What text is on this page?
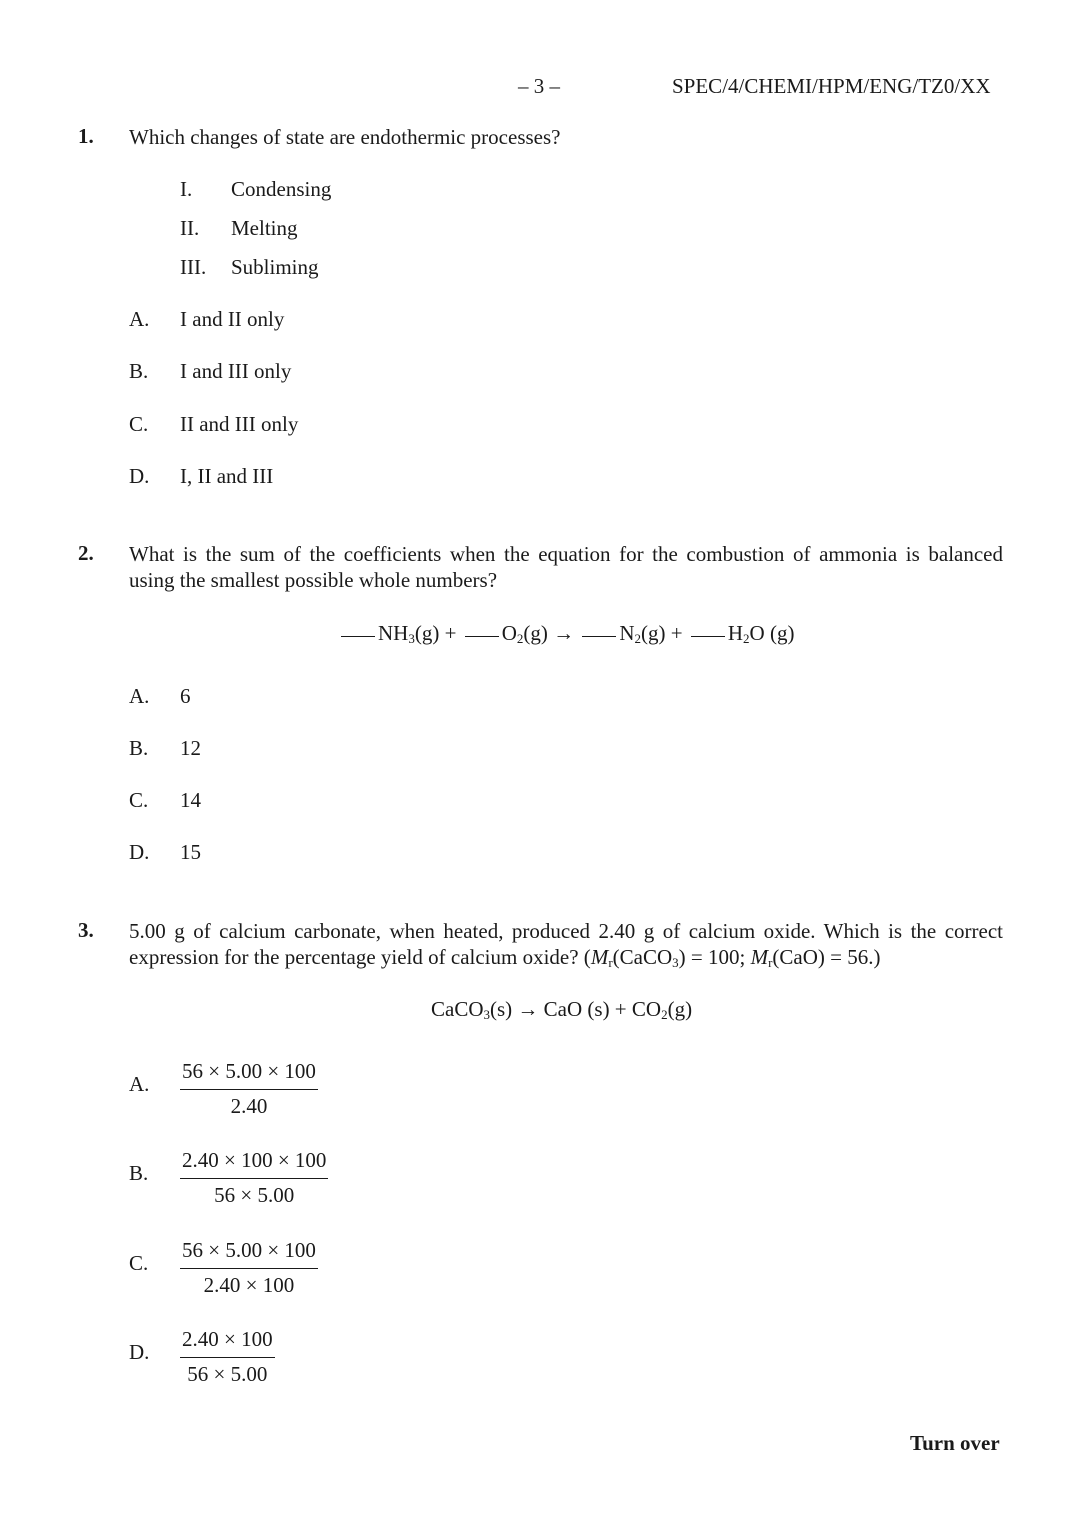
– 3 –	SPEC/4/CHEMI/HPM/ENG/TZ0/XX
1. Which changes of state are endothermic processes?
I. Condensing
II. Melting
III. Subliming
A. I and II only
B. I and III only
C. II and III only
D. I, II and III
2. What is the sum of the coefficients when the equation for the combustion of ammonia is balanced
using the smallest possible whole numbers?
$NH_3(g) + O_2(g) \to N_2(g) + H_2O$ (g)
A. 6
B. 12
C. 14
D. 15
3. 5.00 g of calcium carbonate, when heated, produced 2.40 g of calcium oxide. Which is the correct
expression for the percentage yield of calcium oxide? ($M_r(CaCO_3) = 100$; $M_r(CaO) = 56$.)
CaCO$_3$(s) → CaO $(s) + CO_2(g)$
A. $\frac{56 \times 5.00 \times 100}{2.40}$
B. $\frac{2.40 \times 100 \times 100}{56 \times 5.00}$
C. $\frac{56 \times 5.00 \times 100}{2.40 \times 100}$
D. $\frac{2.40 \times 100}{56 \times 5.00}$
Turn over
